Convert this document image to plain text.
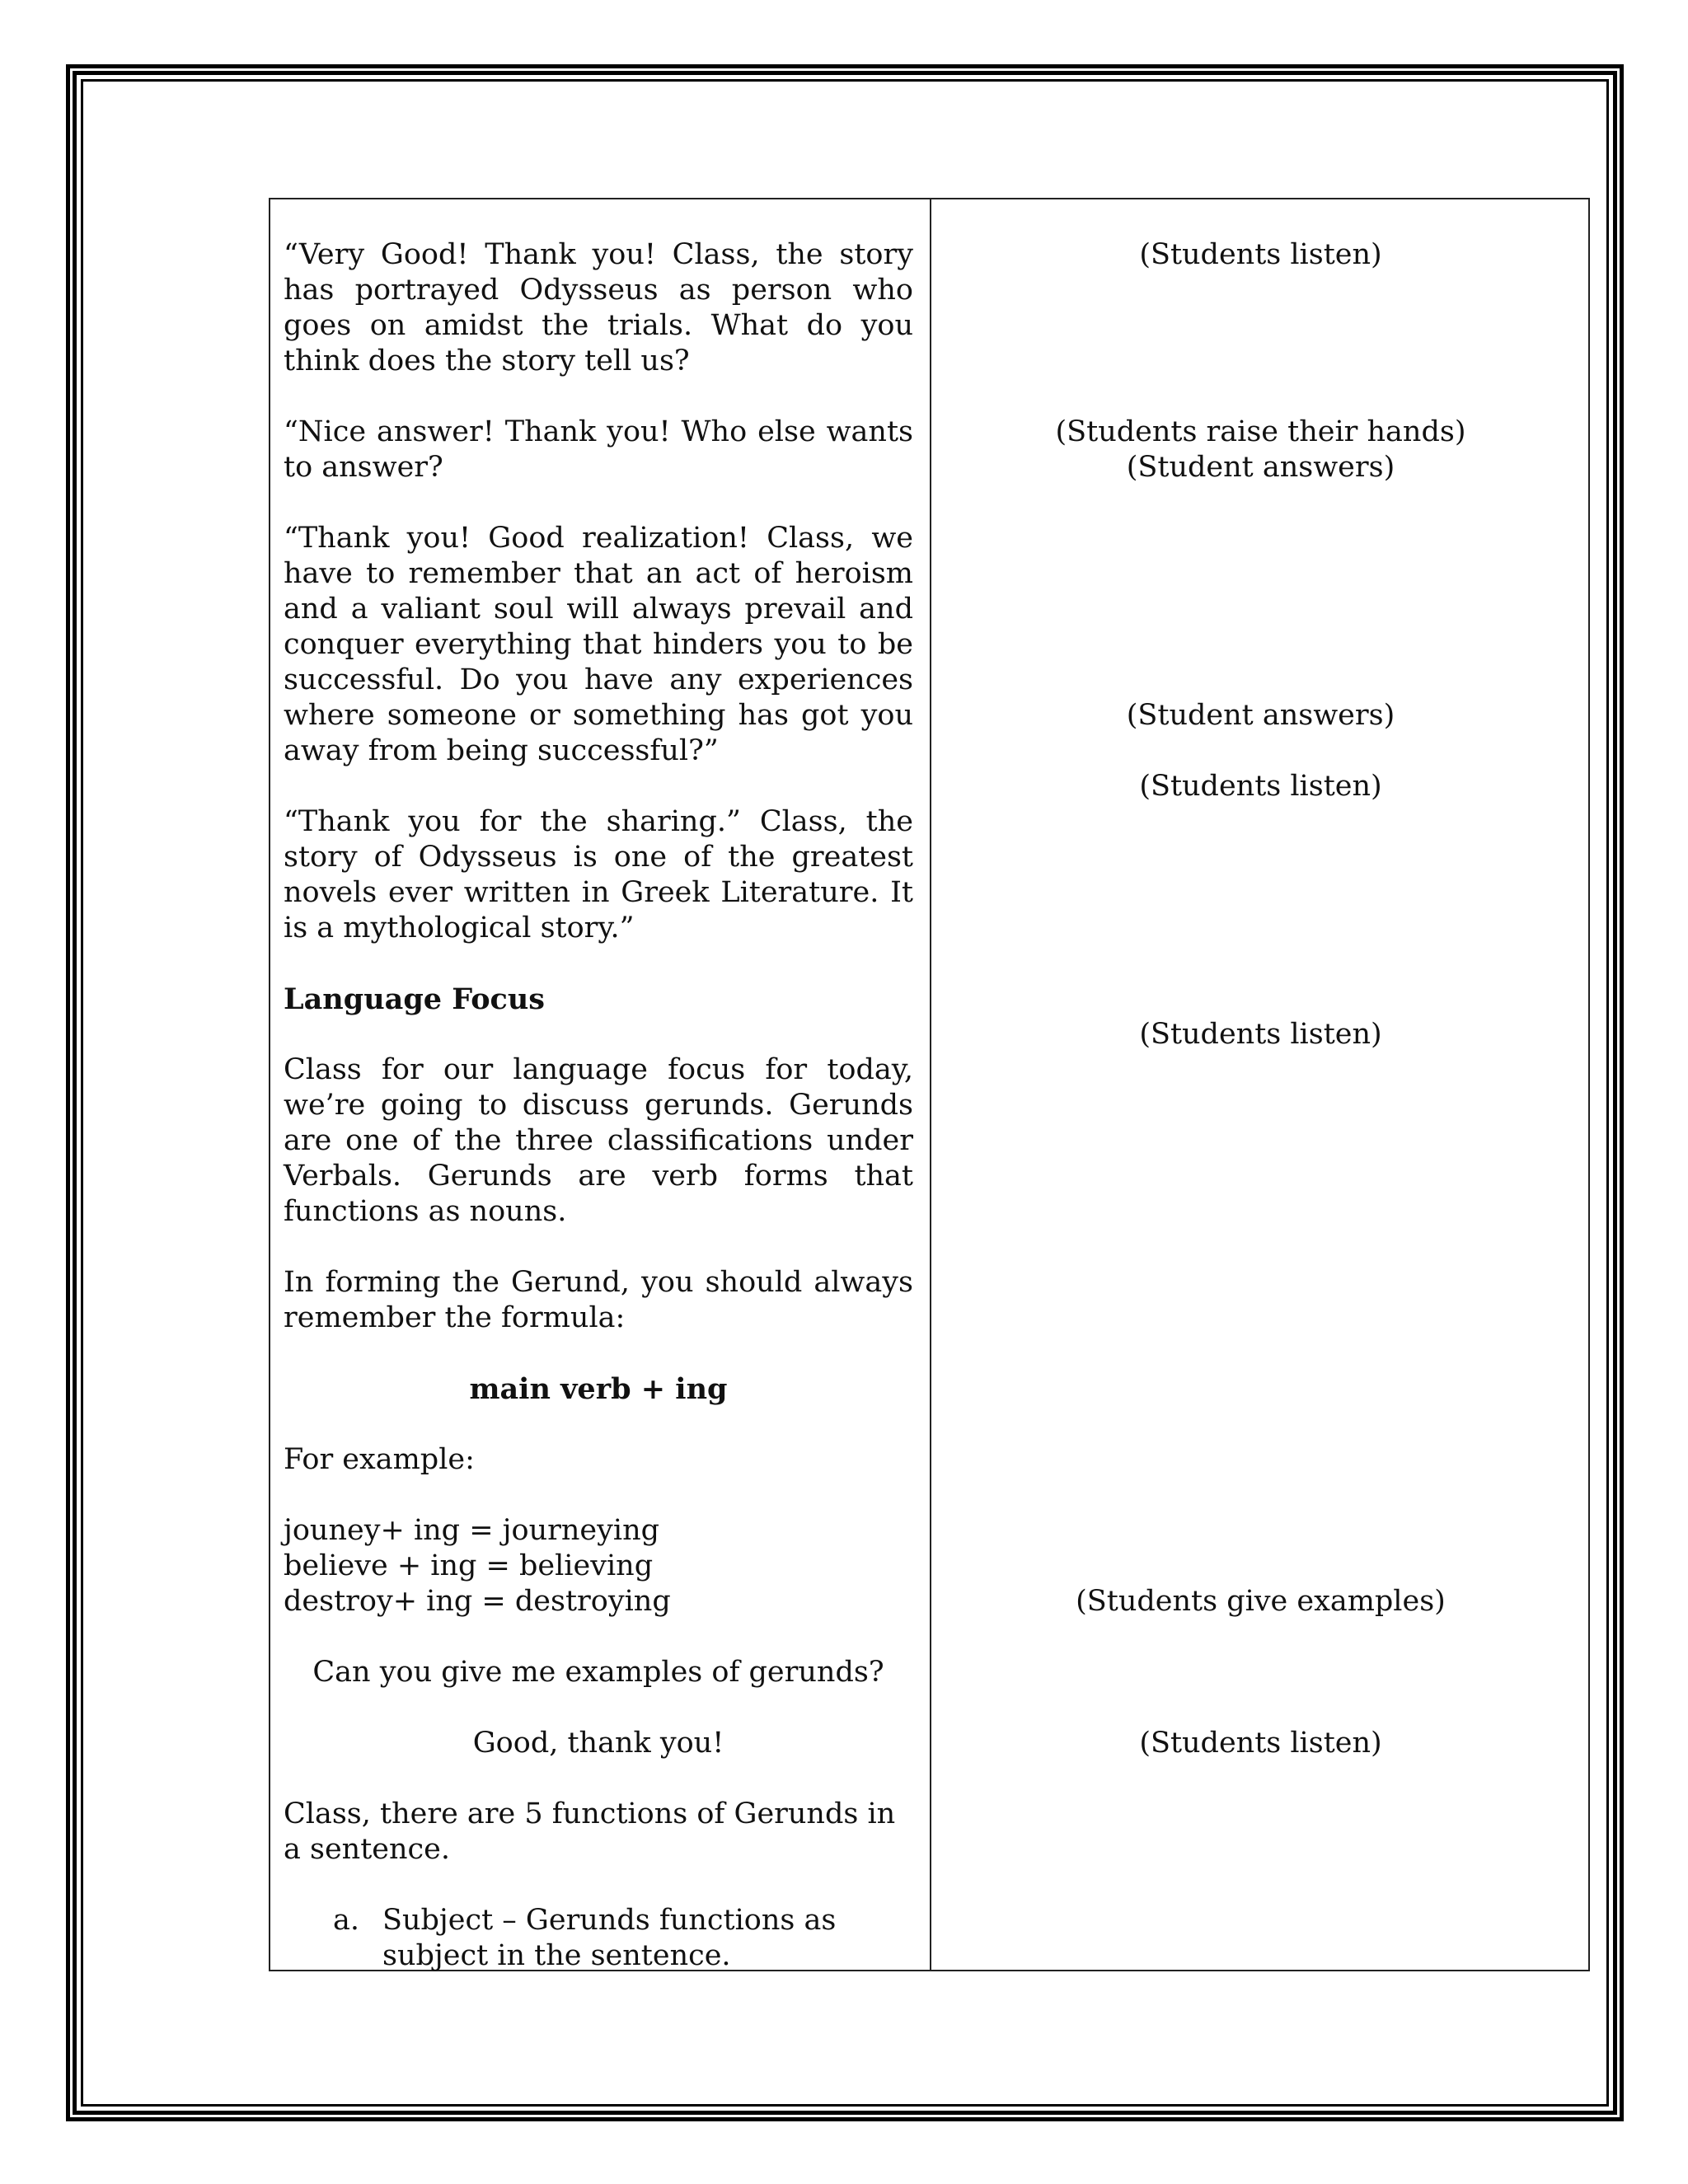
“Very Good! Thank you! Class, the story has portrayed Odysseus as person who goes on amidst the trials. What do you think does the story tell us?

“Nice answer! Thank you! Who else wants to answer?

“Thank you! Good realization! Class, we have to remember that an act of heroism and a valiant soul will always prevail and conquer everything that hinders you to be successful. Do you have any experiences where someone or something has got you away from being successful?”

“Thank you for the sharing.” Class, the story of Odysseus is one of the greatest novels ever written in Greek Literature. It is a mythological story.”

Language Focus

Class for our language focus for today, we’re going to discuss gerunds. Gerunds are one of the three classifications under Verbals. Gerunds are verb forms that functions as nouns.

In forming the Gerund, you should always remember the formula:

main verb + ing

For example:

jouney+ ing = journeying
believe + ing = believing
destroy+ ing = destroying

Can you give me examples of gerunds?

Good, thank you!

Class, there are 5 functions of Gerunds in a sentence.

a. Subject – Gerunds functions as subject in the sentence.

(Students listen)
(Students raise their hands)
(Student answers)
(Student answers)
(Students listen)
(Students listen)
(Students give examples)
(Students listen)
